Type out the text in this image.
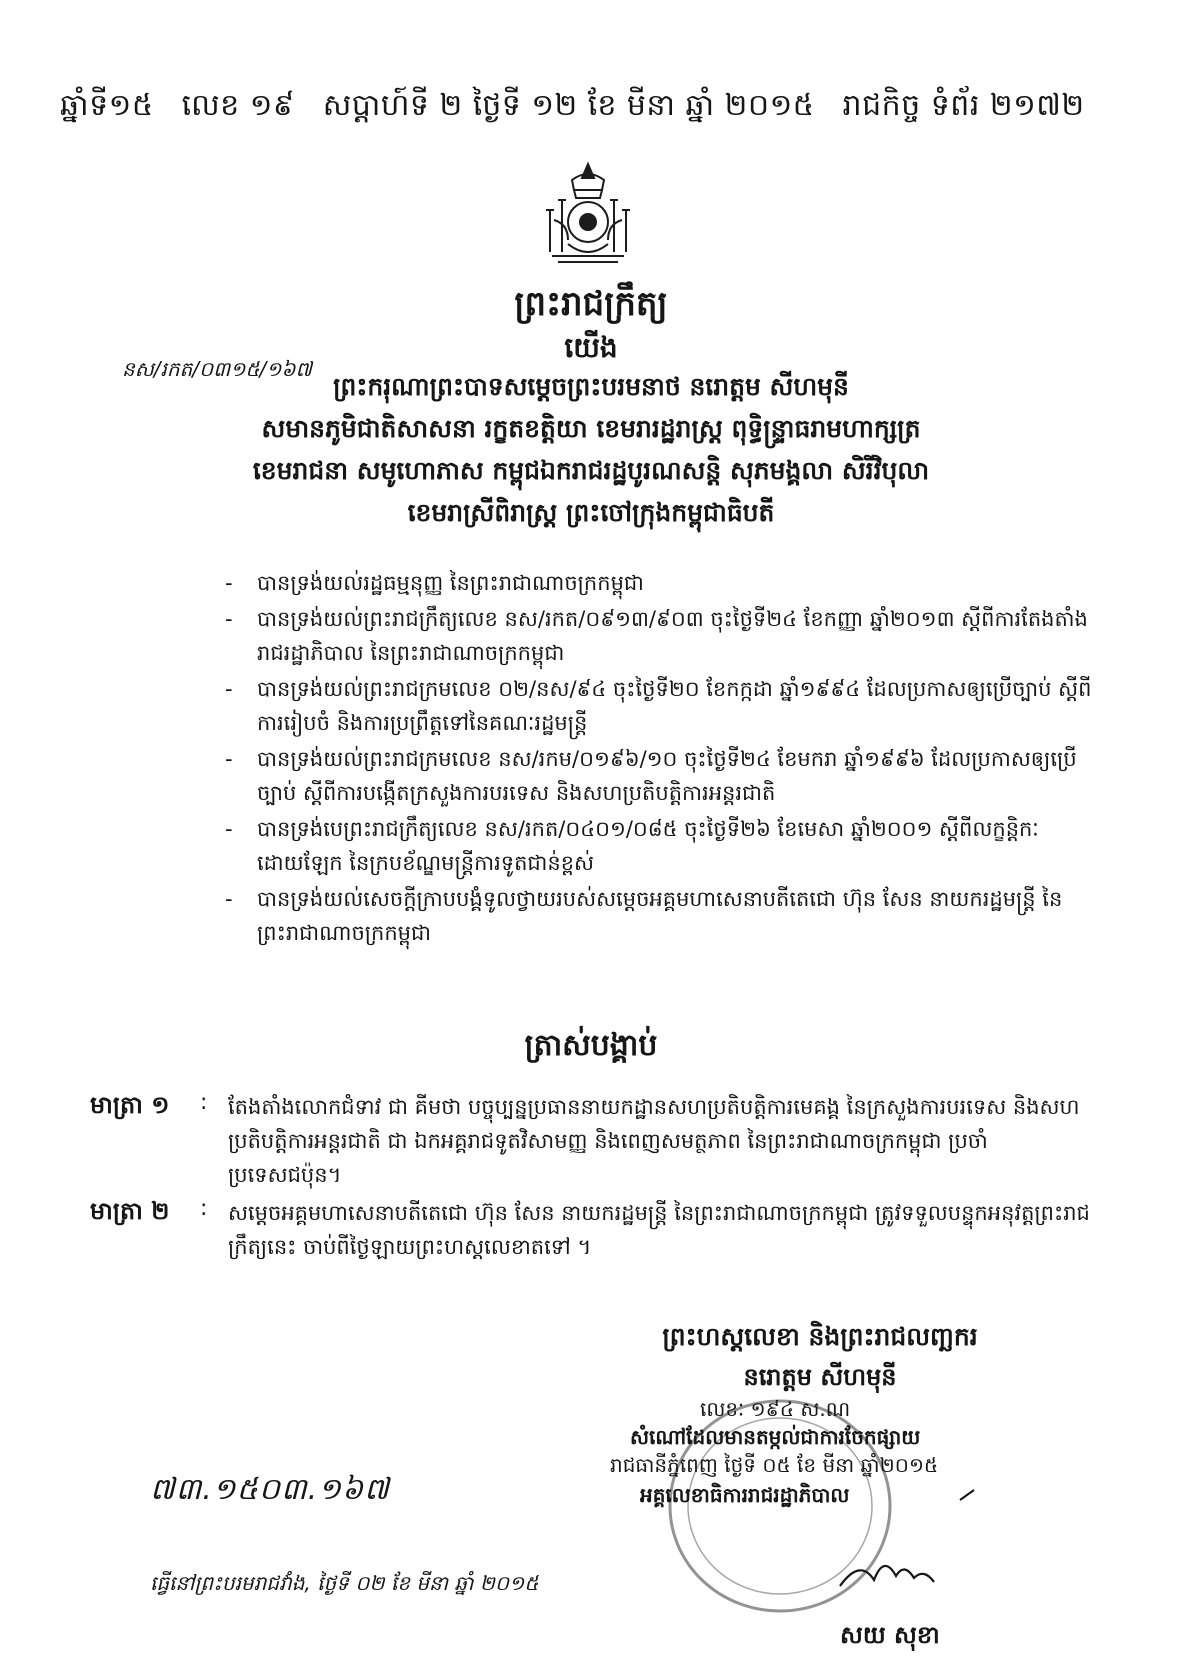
ឆ្នាំទី១៥ លេខ ១៩ សប្តាហ៍ទី ២ ថ្ងៃទី ១២ ខែ មីនា ឆ្នាំ ២០១៥ រាជកិច្ច ទំព័រ ២១៧២
ព្រះរាជក្រឹត្យ
នស/រកត/០៣១៥/១៦៧
យើង
ព្រះករុណាព្រះបាទសម្តេចព្រះបរមនាថ នរោត្តម សីហមុនី
សមានភូមិជាតិសាសនា រក្ខតខត្តិយា ខេមរារដ្ឋរាស្ត្រ ពុទ្ធិន្ទ្រាធរាមហាក្សត្រ
ខេមរាជនា សមូហោភាស កម្ពុជឯករាជរដ្ឋបូរណសន្តិ សុភមង្គលា សិរីវិបុលា
ខេមរាស្រីពិរាស្ត្រ ព្រះចៅក្រុងកម្ពុជាធិបតី
- បានទ្រង់យល់រដ្ឋធម្មនុញ្ញ នៃព្រះរាជាណាចក្រកម្ពុជា
- បានទ្រង់យល់ព្រះរាជក្រឹត្យលេខ នស/រកត/០៩១៣/៩០៣ ចុះថ្ងៃទី២៤ ខែកញ្ញា ឆ្នាំ២០១៣ ស្តីពីការតែងតាំងរាជរដ្ឋាភិបាល នៃព្រះរាជាណាចក្រកម្ពុជា
- បានទ្រង់យល់ព្រះរាជក្រមលេខ ០២/នស/៩៤ ចុះថ្ងៃទី២០ ខែកក្កដា ឆ្នាំ១៩៩៤ ដែលប្រកាសឲ្យប្រើច្បាប់ ស្តីពីការរៀបចំ និងការប្រព្រឹត្តទៅនៃគណៈរដ្ឋមន្ត្រី
- បានទ្រង់យល់ព្រះរាជក្រមលេខ នស/រកម/០១៩៦/១០ ចុះថ្ងៃទី២៤ ខែមករា ឆ្នាំ១៩៩៦ ដែលប្រកាសឲ្យប្រើច្បាប់ ស្តីពីការបង្កើតក្រសួងការបរទេស និងសហប្រតិបត្តិការអន្តរជាតិ
- បានទ្រង់បេព្រះរាជក្រឹត្យលេខ នស/រកត/០៤០១/០៨៥ ចុះថ្ងៃទី២៦ ខែមេសា ឆ្នាំ២០០១ ស្តីពីលក្ខន្តិកៈដោយឡែក នៃក្របខ័ណ្ឌមន្ត្រីការទូតជាន់ខ្ពស់
- បានទ្រង់យល់សេចក្តីក្រាបបង្គំទូលថ្វាយរបស់សម្តេចអគ្គមហាសេនាបតីតេជោ ហ៊ុន សែន នាយករដ្ឋមន្ត្រី នៃព្រះរាជាណាចក្រកម្ពុជា
ត្រាស់បង្គាប់
មាត្រា ១	: តែងតាំងលោកជំទាវ ជា គីមថា បច្ចុប្បន្នប្រធាននាយកដ្ឋានសហប្រតិបត្តិការមេគង្គ នៃក្រសួងការបរទេស និងសហប្រតិបត្តិការអន្តរជាតិ ជា ឯកអគ្គរាជទូតវិសាមញ្ញ និងពេញសមត្ថភាព នៃព្រះរាជាណាចក្រកម្ពុជា ប្រចាំប្រទេសជប៉ុន។
មាត្រា ២	: សម្តេចអគ្គមហាសេនាបតីតេជោ ហ៊ុន សែន នាយករដ្ឋមន្ត្រី នៃព្រះរាជាណាចក្រកម្ពុជា ត្រូវទទួលបន្ទុកអនុវត្តព្រះរាជក្រឹត្យនេះ ចាប់ពីថ្ងៃឡាយព្រះហស្តលេខាតទៅ ។
ព្រះហស្តលេខា និងព្រះរាជលញ្ឆករ
នរោត្តម សីហមុនី
៧៣.១៥០៣.១៦៧
ធ្វើនៅព្រះបរមរាជវាំង, ថ្ងៃទី ០២ ខែ មីនា ឆ្នាំ ២០១៥
លេខៈ ១៩៤ ស.ណ
សំណៅដែលមានតម្កល់ជាការចែកផ្សាយ
រាជធានីភ្នំពេញ ថ្ងៃទី ០៥ ខែ មីនា ឆ្នាំ២០១៥
អគ្គលេខាធិការរាជរដ្ឋាភិបាល
សយ សុខា
